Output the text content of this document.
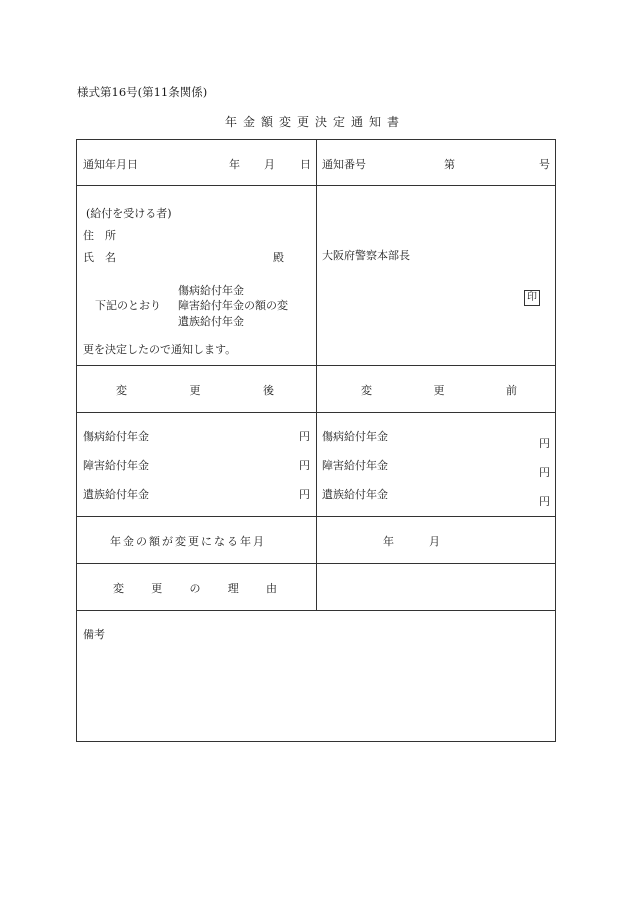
様式第16号(第11条関係)
年金額変更決定通知書
通知年月日	年 月 日 通知番号	第	号
(給付を受ける者)
住　所
氏　名	殿
下記のとおり
傷病給付年金
障害給付年金の額の変
遺族給付年金
更を決定したので通知します。
大阪府警察本部長
印
変	更	後	変	更	前
傷病給付年金	円
障害給付年金	円
遺族給付年金	円
傷病給付年金
円
障害給付年金
円
遺族給付年金
円
年金の額が変更になる年月	年	月
変 更 の 理 由
備考
